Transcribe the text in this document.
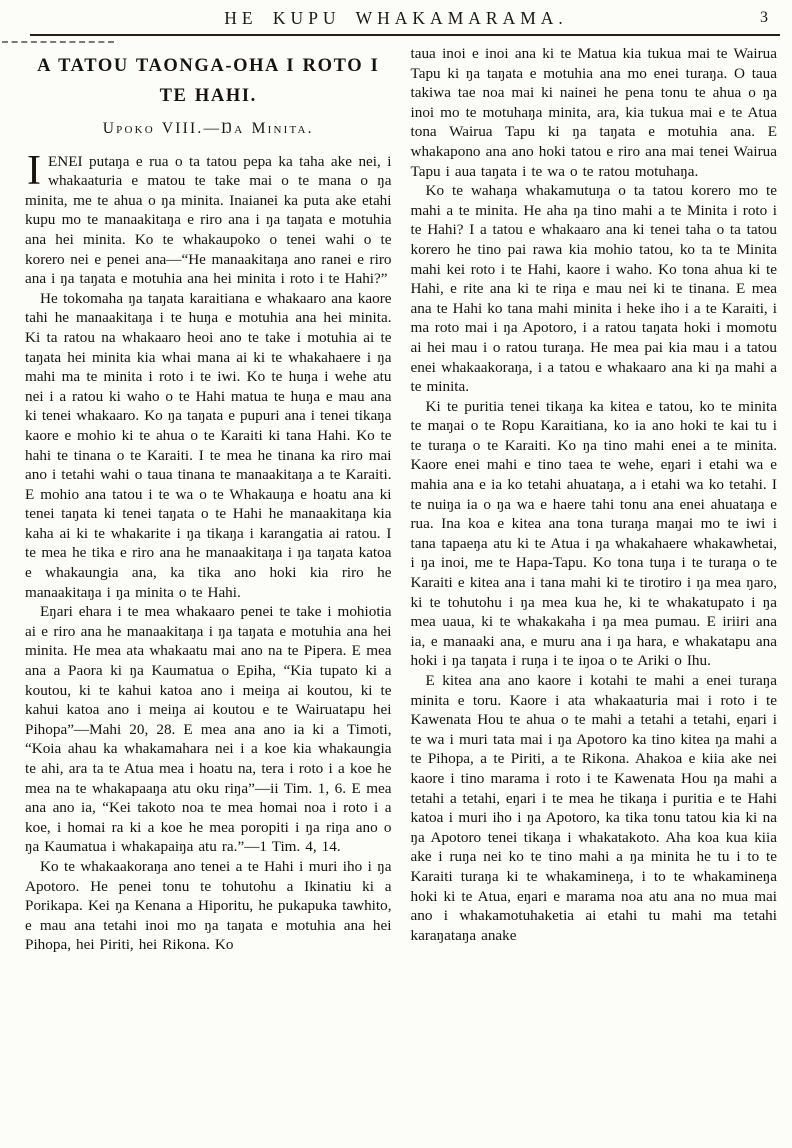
HE KUPU WHAKAMARAMA.	3
A TATOU TAONGA-OHA I ROTO I
TE HAHI.
Upoko VIII.—Ŋa Minita.

IENEI putaŋa e rua o ta tatou pepa ka taha ake nei, i whakaaturia e matou te take mai o te mana o ŋa minita, me te ahua o ŋa minita. Inaianei ka puta ake etahi kupu mo te manaakitaŋa e riro ana i ŋa taŋata e motuhia ana hei minita. Ko te whakaupoko o tenei wahi o te korero nei e penei ana—“He manaakitaŋa ano ranei e riro ana i ŋa taŋata e motuhia ana hei minita i roto i te Hahi?”

He tokomaha ŋa taŋata karaitiana e whakaaro ana kaore tahi he manaakitaŋa i te huŋa e motuhia ana hei minita. Ki ta ratou na whakaaro heoi ano te take i motuhia ai te taŋata hei minita kia whai mana ai ki te whakahaere i ŋa mahi ma te minita i roto i te iwi. Ko te huŋa i wehe atu nei i a ratou ki waho o te Hahi matua te huŋa e mau ana ki tenei whakaaro. Ko ŋa taŋata e pupuri ana i tenei tikaŋa kaore e mohio ki te ahua o te Karaiti ki tana Hahi. Ko te hahi te tinana o te Karaiti. I te mea he tinana ka riro mai ano i tetahi wahi o taua tinana te manaakitaŋa a te Karaiti. E mohio ana tatou i te wa o te Whakauŋa e hoatu ana ki tenei taŋata ki tenei taŋata o te Hahi he manaakitaŋa kia kaha ai ki te whakarite i ŋa tikaŋa i karangatia ai ratou. I te mea he tika e riro ana he manaakitaŋa i ŋa taŋata katoa e whakaungia ana, ka tika ano hoki kia riro he manaakitaŋa i ŋa minita o te Hahi.

Eŋari ehara i te mea whakaaro penei te take i mohiotia ai e riro ana he manaakitaŋa i ŋa taŋata e motuhia ana hei minita. He mea ata whakaatu mai ano na te Pipera. E mea ana a Paora ki ŋa Kaumatua o Epiha, “Kia tupato ki a koutou, ki te kahui katoa ano i meiŋa ai koutou, ki te kahui katoa ano i meiŋa ai koutou e te Wairuatapu hei Pihopa”—Mahi 20, 28. E mea ana ano ia ki a Timoti, “Koia ahau ka whakamahara nei i a koe kia whakaungia te ahi, ara ta te Atua mea i hoatu na, tera i roto i a koe he mea na te whakapaaŋa atu oku riŋa”—ii Tim. 1, 6. E mea ana ano ia, “Kei takoto noa te mea homai noa i roto i a koe, i homai ra ki a koe he mea poropiti i ŋa riŋa ano o ŋa Kaumatua i whakapaiŋa atu ra.”—1 Tim. 4, 14.

Ko te whakaakoraŋa ano tenei a te Hahi i muri iho i ŋa Apotoro. He penei tonu te tohutohu a Ikinatiu ki a Porikapa. Kei ŋa Kenana a Hiporitu, he pukapuka tawhito, e mau ana tetahi inoi mo ŋa taŋata e motuhia ana hei Pihopa, hei Piriti, hei Rikona. Ko

taua inoi e inoi ana ki te Matua kia tukua mai te Wairua Tapu ki ŋa taŋata e motuhia ana mo enei turaŋa. O taua takiwa tae noa mai ki nainei he pena tonu te ahua o ŋa inoi mo te motuhaŋa minita, ara, kia tukua mai e te Atua tona Wairua Tapu ki ŋa taŋata e motuhia ana. E whakapono ana ano hoki tatou e riro ana mai tenei Wairua Tapu i aua taŋata i te wa o te ratou motuhaŋa.

Ko te wahaŋa whakamutuŋa o ta tatou korero mo te mahi a te minita. He aha ŋa tino mahi a te Minita i roto i te Hahi? I a tatou e whakaaro ana ki tenei taha o ta tatou korero he tino pai rawa kia mohio tatou, ko ta te Minita mahi kei roto i te Hahi, kaore i waho. Ko tona ahua ki te Hahi, e rite ana ki te riŋa e mau nei ki te tinana. E mea ana te Hahi ko tana mahi minita i heke iho i a te Karaiti, i ma roto mai i ŋa Apotoro, i a ratou taŋata hoki i momotu ai hei mau i o ratou turaŋa. He mea pai kia mau i a tatou enei whakaakoraŋa, i a tatou e whakaaro ana ki ŋa mahi a te minita.

Ki te puritia tenei tikaŋa ka kitea e tatou, ko te minita te maŋai o te Ropu Karaitiana, ko ia ano hoki te kai tu i te turaŋa o te Karaiti. Ko ŋa tino mahi enei a te minita. Kaore enei mahi e tino taea te wehe, eŋari i etahi wa e mahia ana e ia ko tetahi ahuataŋa, a i etahi wa ko tetahi. I te nuiŋa ia o ŋa wa e haere tahi tonu ana enei ahuataŋa e rua. Ina koa e kitea ana tona turaŋa maŋai mo te iwi i tana tapaeŋa atu ki te Atua i ŋa whakahaere whakawhetai, i ŋa inoi, me te Hapa-Tapu. Ko tona tuŋa i te turaŋa o te Karaiti e kitea ana i tana mahi ki te tirotiro i ŋa mea ŋaro, ki te tohutohu i ŋa mea kua he, ki te whakatupato i ŋa mea uaua, ki te whakakaha i ŋa mea pumau. E iriiri ana ia, e manaaki ana, e muru ana i ŋa hara, e whakatapu ana hoki i ŋa taŋata i ruŋa i te iŋoa o te Ariki o Ihu.

E kitea ana ano kaore i kotahi te mahi a enei turaŋa minita e toru. Kaore i ata whakaaturia mai i roto i te Kawenata Hou te ahua o te mahi a tetahi a tetahi, eŋari i te wa i muri tata mai i ŋa Apotoro ka tino kitea ŋa mahi a te Pihopa, a te Piriti, a te Rikona. Ahakoa e kiia ake nei kaore i tino marama i roto i te Kawenata Hou ŋa mahi a tetahi a tetahi, eŋari i te mea he tikaŋa i puritia e te Hahi katoa i muri iho i ŋa Apotoro, ka tika tonu tatou kia ki na ŋa Apotoro tenei tikaŋa i whakatakoto. Aha koa kua kiia ake i ruŋa nei ko te tino mahi a ŋa minita he tu i to te Karaiti turaŋa ki te whakamineŋa, i to te whakamineŋa hoki ki te Atua, eŋari e marama noa atu ana no mua mai ano i whakamotuhaketia ai etahi tu mahi ma tetahi karaŋataŋa anake
